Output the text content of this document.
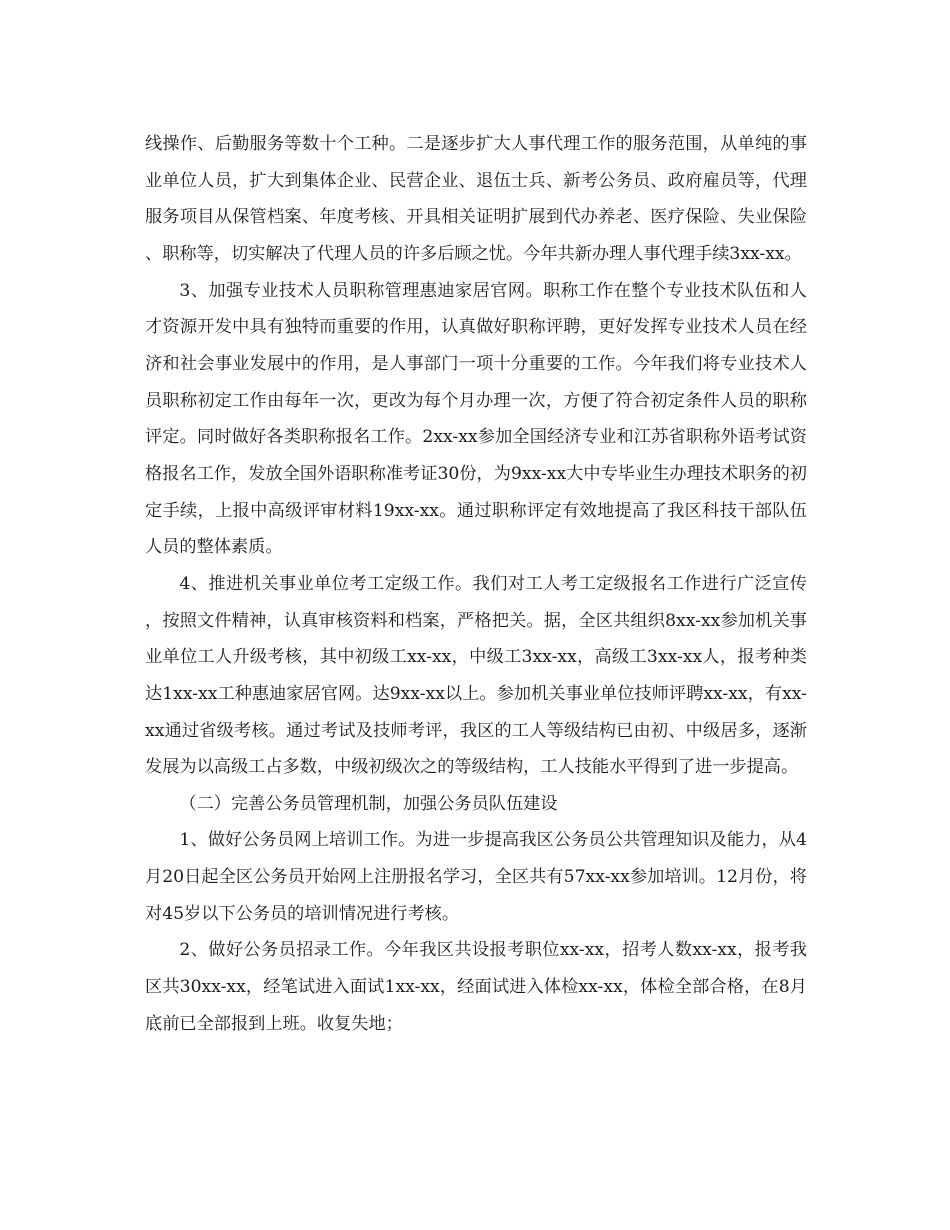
线操作、后勤服务等数十个工种。二是逐步扩大人事代理工作的服务范围，从单纯的事业单位人员，扩大到集体企业、民营企业、退伍士兵、新考公务员、政府雇员等，代理服务项目从保管档案、年度考核、开具相关证明扩展到代办养老、医疗保险、失业保险、职称等，切实解决了代理人员的许多后顾之忧。今年共新办理人事代理手续3xx-xx。

3、加强专业技术人员职称管理惠迪家居官网。职称工作在整个专业技术队伍和人才资源开发中具有独特而重要的作用，认真做好职称评聘，更好发挥专业技术人员在经济和社会事业发展中的作用，是人事部门一项十分重要的工作。今年我们将专业技术人员职称初定工作由每年一次，更改为每个月办理一次，方便了符合初定条件人员的职称评定。同时做好各类职称报名工作。2xx-xx参加全国经济专业和江苏省职称外语考试资格报名工作，发放全国外语职称准考证30份，为9xx-xx大中专毕业生办理技术职务的初定手续，上报中高级评审材料19xx-xx。通过职称评定有效地提高了我区科技干部队伍人员的整体素质。

4、推进机关事业单位考工定级工作。我们对工人考工定级报名工作进行广泛宣传，按照文件精神，认真审核资料和档案，严格把关。据，全区共组织8xx-xx参加机关事业单位工人升级考核，其中初级工xx-xx，中级工3xx-xx，高级工3xx-xx人，报考种类达1xx-xx工种惠迪家居官网。达9xx-xx以上。参加机关事业单位技师评聘xx-xx，有xx-xx通过省级考核。通过考试及技师考评，我区的工人等级结构已由初、中级居多，逐渐发展为以高级工占多数，中级初级次之的等级结构，工人技能水平得到了进一步提高。

（二）完善公务员管理机制，加强公务员队伍建设

1、做好公务员网上培训工作。为进一步提高我区公务员公共管理知识及能力，从4月20日起全区公务员开始网上注册报名学习，全区共有57xx-xx参加培训。12月份，将对45岁以下公务员的培训情况进行考核。

2、做好公务员招录工作。今年我区共设报考职位xx-xx，招考人数xx-xx，报考我区共30xx-xx，经笔试进入面试1xx-xx，经面试进入体检xx-xx，体检全部合格，在8月底前已全部报到上班。收复失地；
